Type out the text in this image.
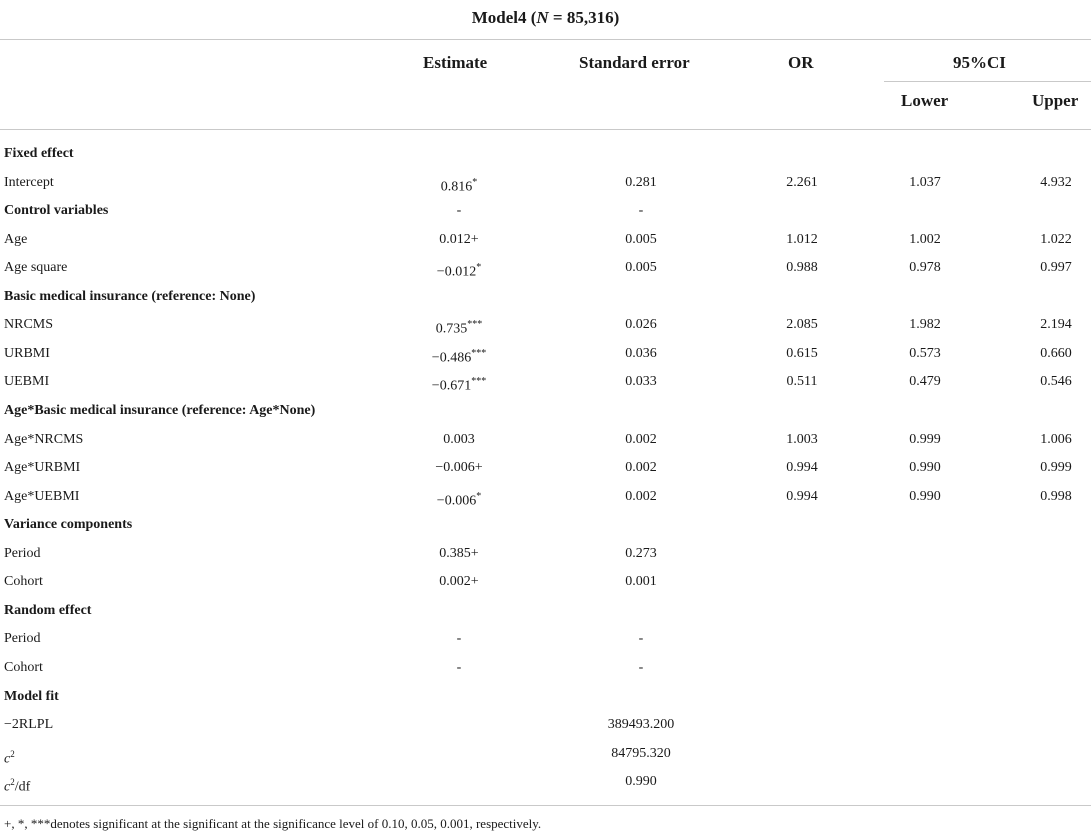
Model4 (N = 85,316)
Estimate	Standard error	OR	95%CI
Lower	Upper
Fixed effect
Intercept	0.816*	0.281	2.261	1.037	4.932
Control variables	-	-
Age	0.012+	0.005	1.012	1.002	1.022
Age square	−0.012*	0.005	0.988	0.978	0.997
Basic medical insurance (reference: None)
NRCMS	0.735***	0.026	2.085	1.982	2.194
URBMI	−0.486***	0.036	0.615	0.573	0.660
UEBMI	−0.671***	0.033	0.511	0.479	0.546
Age*Basic medical insurance (reference: Age*None)
Age*NRCMS	0.003	0.002	1.003	0.999	1.006
Age*URBMI	−0.006+	0.002	0.994	0.990	0.999
Age*UEBMI	−0.006*	0.002	0.994	0.990	0.998
Variance components
Period	0.385+	0.273
Cohort	0.002+	0.001
Random effect
Period	-	-
Cohort	-	-
Model fit
−2RLPL	389493.200
$c^2$	84795.320
$c^2/df$	0.990
+, *, ***denotes significant at the significant at the significance level of 0.10, 0.05, 0.001, respectively.
